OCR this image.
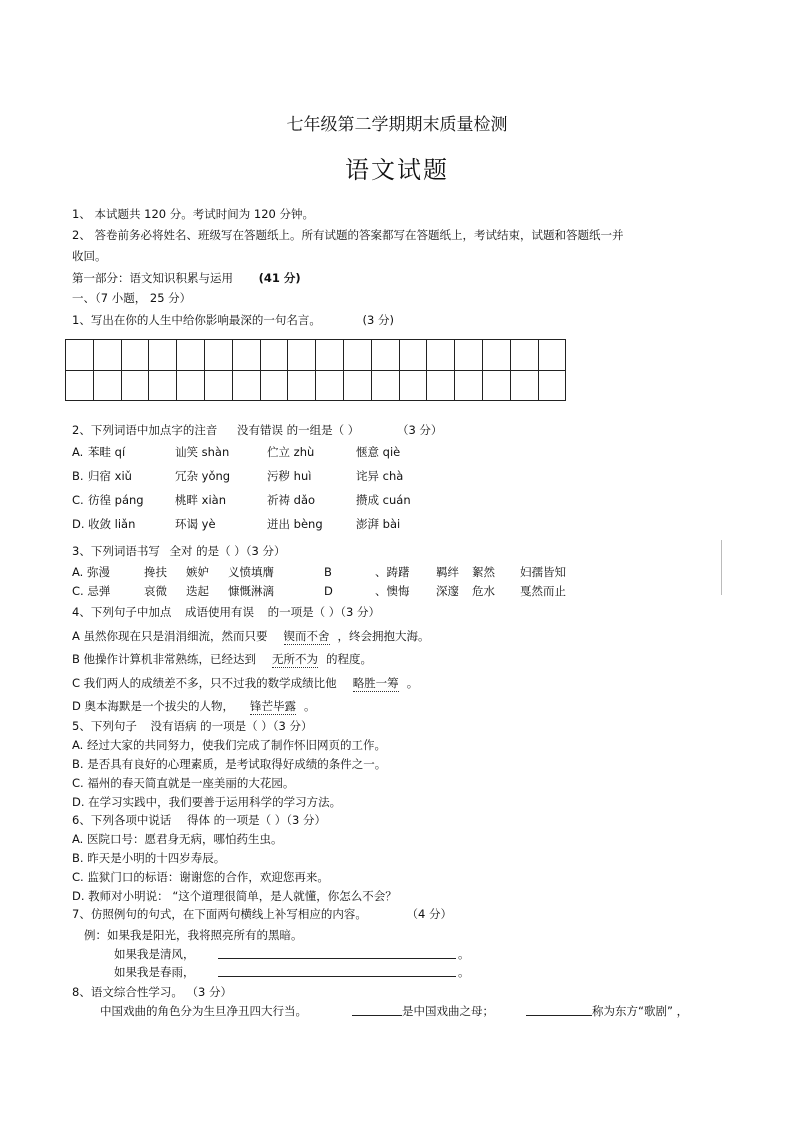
七年级第二学期期末质量检测
语文试题
1、 本试题共 120 分。考试时间为 120 分钟。
2、 答卷前务必将姓名、班级写在答题纸上。所有试题的答案都写在答题纸上，考试结束，试题和答题纸一并
收回。
第一部分：语文知识积累与运用 (41 分)
一、（7 小题， 25 分）
1、写出在你的人生中给你影响最深的一句名言。	(3 分)

2、下列词语中加点字的注音 没有错误 的一组是（ ）	（3 分）
A. 苯畦 qí	讪笑 shàn	伫立 zhù	惬意 qiè
B. 归宿 xiǔ	冗杂 yǒng	污秽 huì	诧异 chà
C. 彷徨 páng	桃畔 xiàn	祈祷 dǎo	攒成 cuán
D. 收敛 liǎn	环谒 yè	迸出 bèng	澎湃 bài
3、下列词语书写 全对 的是（ ）（3 分）
A. 弥漫	搀扶 嫉妒 义愤填膺	B	、踌躇 羁绊 絮然 妇孺皆知
C. 忌弹	哀微 迭起 慷慨淋漓	D	、懊悔 深邃 危水 戛然而止
4、下列句子中加点 成语使用有误 的一项是（ ）（3 分）
A 虽然你现在只是涓涓细流，然而只要 锲而不舍 ，终会拥抱大海。
B 他操作计算机非常熟练，已经达到 无所不为 的程度。
C 我们两人的成绩差不多，只不过我的数学成绩比他 略胜一筹 。
D 奥本海默是一个拔尖的人物， 锋芒毕露 。
5、下列句子 没有语病 的一项是（ ）（3 分）
A. 经过大家的共同努力，使我们完成了制作怀旧网页的工作。
B. 是否具有良好的心理素质，是考试取得好成绩的条件之一。
C. 福州的春天简直就是一座美丽的大花园。
D. 在学习实践中，我们要善于运用科学的学习方法。
6、下列各项中说话 得体 的一项是（ ）（3 分）
A. 医院口号：愿君身无病，哪怕药生虫。
B. 昨天是小明的十四岁寿辰。
C. 监狱门口的标语：谢谢您的合作，欢迎您再来。
D. 教师对小明说： “这个道理很简单，是人就懂，你怎么不会？
7、仿照例句的句式，在下面两句横线上补写相应的内容。	（4 分）
例：如果我是阳光，我将照亮所有的黑暗。
如果我是清风，	。
如果我是春雨，	。
8、语文综合性学习。 （3 分）
中国戏曲的角色分为生旦净丑四大行当。	是中国戏曲之母；	称为东方“歌剧” ，
